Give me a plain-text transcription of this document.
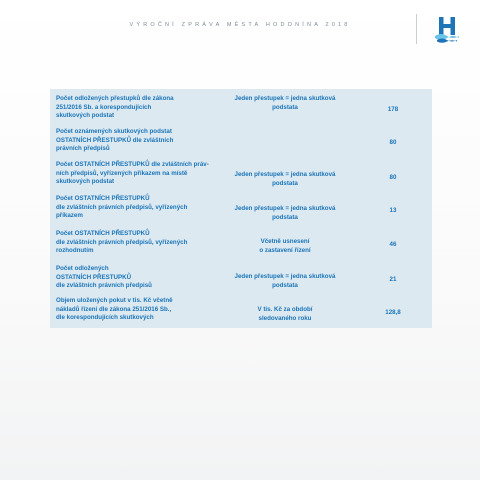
VÝROČNÍ ZPRÁVA MĚSTA HODONÍNA 2018
Počet odložených přestupků dle zákona
251/2016 Sb. a korespondujících
skutkových podstat
Jeden přestupek = jedna skutková
podstata	178
Počet oznámených skutkových podstat
OSTATNÍCH PŘESTUPKŮ dle zvláštních
právních předpisů
80
Počet OSTATNÍCH PŘESTUPKŮ dle zvláštních práv-
ních předpisů, vyřízených příkazem na místě
skutkových podstat
Jeden přestupek = jedna skutková
podstata
80
Počet OSTATNÍCH PŘESTUPKŮ
dle zvláštních právních předpisů, vyřízených
příkazem
Jeden přestupek = jedna skutková
podstata
13
Počet OSTATNÍCH PŘESTUPKŮ
dle zvláštních právních předpisů, vyřízených
rozhodnutím
Včetně usnesení
o zastavení řízení
46
Počet odložených
OSTATNÍCH PŘESTUPKŮ
dle zvláštních právních předpisů
Jeden přestupek = jedna skutková
podstata
21
Objem uložených pokut v tis. Kč včetně
nákladů řízení dle zákona 251/2016 Sb.,
dle korespondujících skutkových
V tis. Kč za období
sledovaného roku
128,8
